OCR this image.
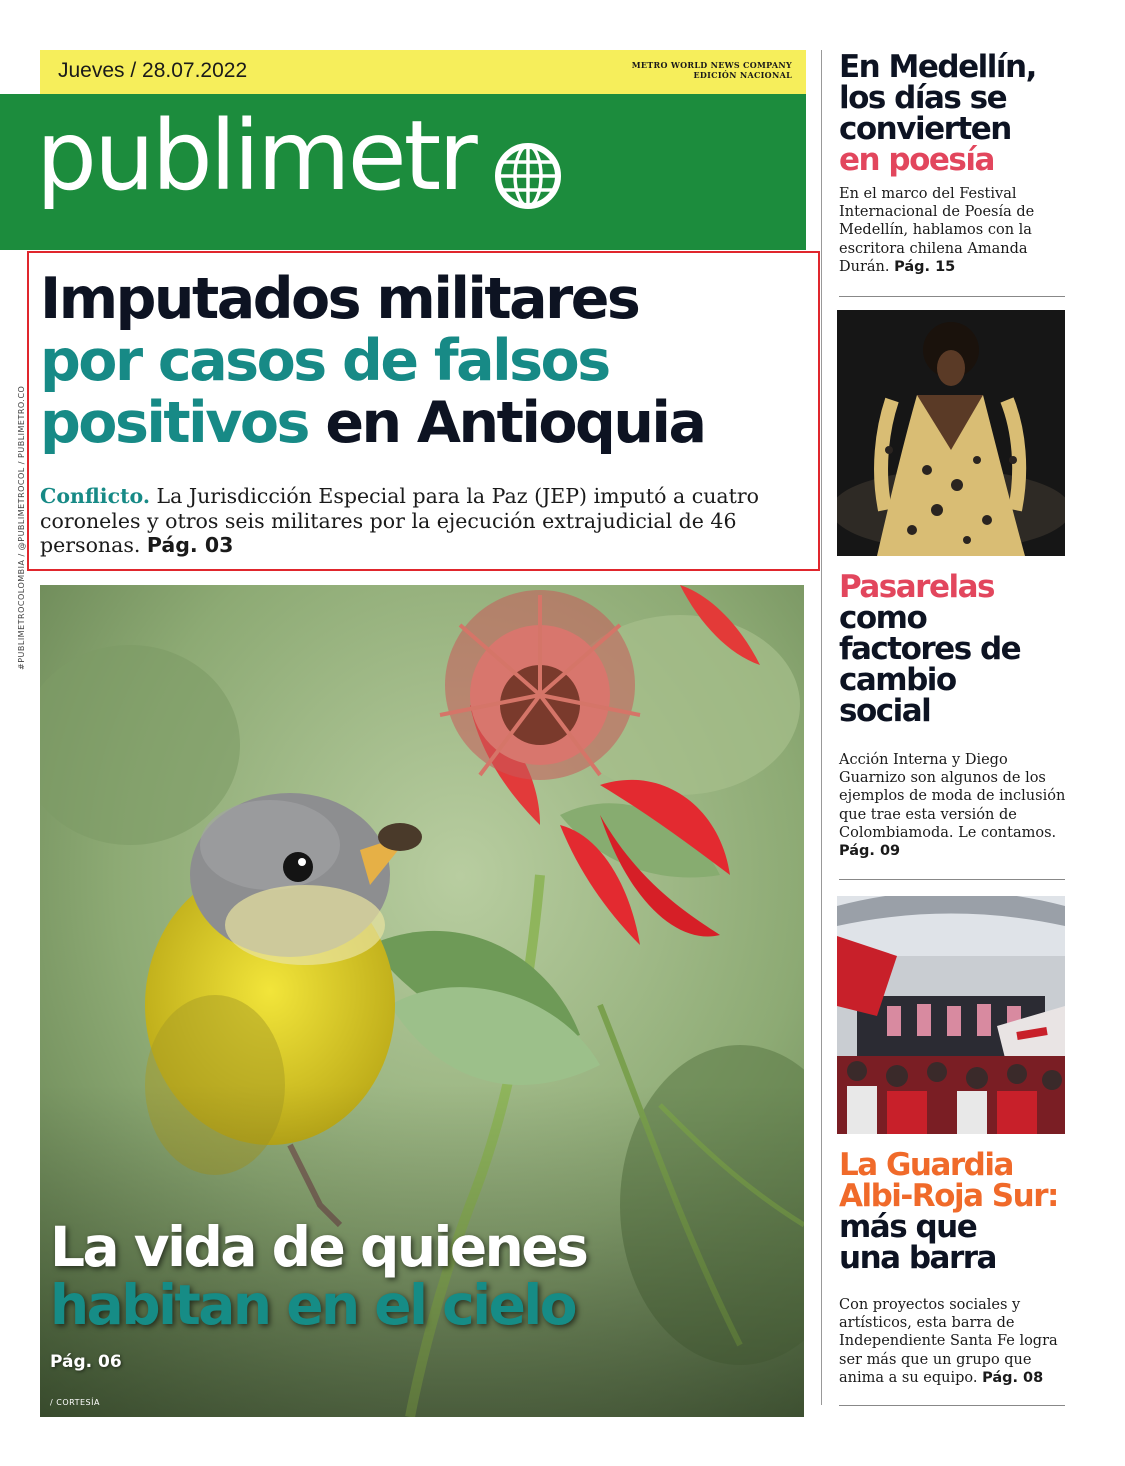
Jueves / 28.07.2022	METRO WORLD NEWS COMPANY
EDICIÓN NACIONAL
publimetr
#PUBLIMETROCOLOMBIA / @PUBLIMETROCOL / PUBLIMETRO.CO
Imputados militares
por casos de falsos positivos en Antioquia

Conflicto. La Jurisdicción Especial para la Paz (JEP) imputó a cuatro coroneles y otros seis militares por la ejecución extrajudicial de 46 personas. Pág. 03

La vida de quienes
habitan en el cielo
Pág. 06
/ CORTESÍA
En Medellín, los días se convierten
en poesía

En el marco del Festival Internacional de Poesía de Medellín, hablamos con la escritora chilena Amanda Durán. Pág. 15

Pasarelas
como factores de cambio social

Acción Interna y Diego Guarnizo son algunos de los ejemplos de moda de inclusión que trae esta versión de Colombiamoda. Le contamos. Pág. 09

La Guardia Albi-Roja Sur:
más que una barra

Con proyectos sociales y artísticos, esta barra de Independiente Santa Fe logra ser más que un grupo que anima a su equipo. Pág. 08
